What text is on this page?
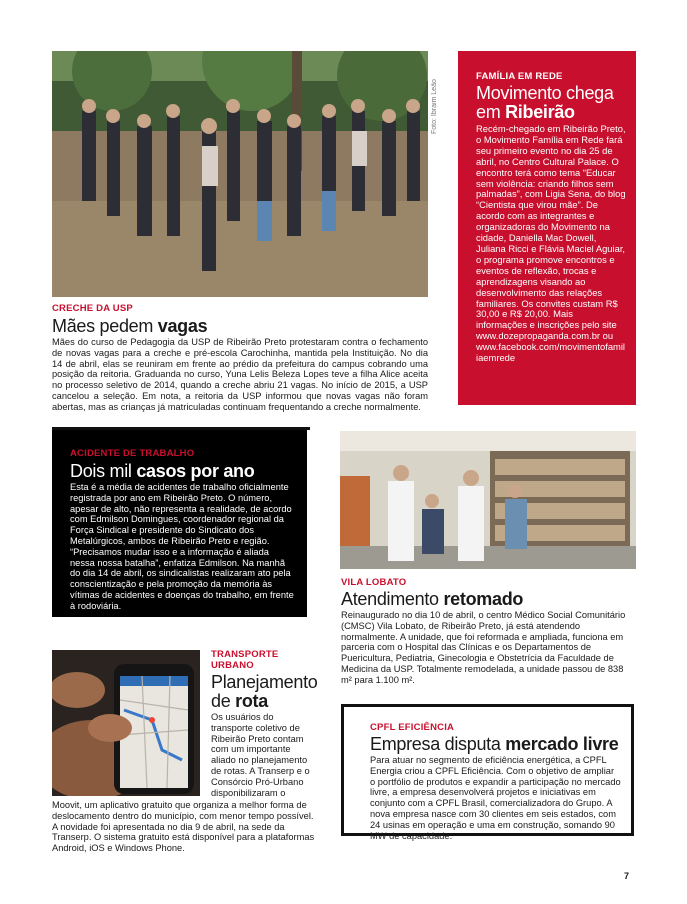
Foto: Ibraim Leão
CRECHE DA USP
Mães pedem vagas
Mães do curso de Pedagogia da USP de Ribeirão Preto protestaram contra o fechamento de novas vagas para a creche e pré-escola Carochinha, mantida pela Instituição. No dia 14 de abril, elas se reuniram em frente ao prédio da prefeitura do campus cobrando uma posição da reitoria. Graduanda no curso, Yuna Lelis Beleza Lopes teve a filha Alice aceita no processo seletivo de 2014, quando a creche abriu 21 vagas. No início de 2015, a USP cancelou a seleção. Em nota, a reitoria da USP informou que novas vagas não foram abertas, mas as crianças já matriculadas continuam frequentando a creche normalmente.
FAMÍLIA EM REDE
Movimento chega em Ribeirão
Recém-chegado em Ribeirão Preto, o Movimento Família em Rede fará seu primeiro evento no dia 25 de abril, no Centro Cultural Palace. O encontro terá como tema “Educar sem violência: criando filhos sem palmadas”, com Ligia Sena, do blog “Cientista que virou mãe”. De acordo com as integrantes e organizadoras do Movimento na cidade, Daniella Mac Dowell, Juliana Ricci e Flávia Maciel Aguiar, o programa promove encontros e eventos de reflexão, trocas e aprendizagens visando ao desenvolvimento das relações familiares. Os convites custam R$ 30,00 e R$ 20,00. Mais informações e inscrições pelo site www.dozepropaganda.com.br ou www.facebook.com/movimentofamiliaemrede
ACIDENTE DE TRABALHO
Dois mil casos por ano
Esta é a média de acidentes de trabalho oficialmente registrada por ano em Ribeirão Preto. O número, apesar de alto, não representa a realidade, de acordo com Edmilson Domingues, coordenador regional da Força Sindical e presidente do Sindicato dos Metalúrgicos, ambos de Ribeirão Preto e região. “Precisamos mudar isso e a informação é aliada nessa nossa batalha”, enfatiza Edmilson. Na manhã do dia 14 de abril, os sindicalistas realizaram ato pela conscientização e pela promoção da memória às vítimas de acidentes e doenças do trabalho, em frente à rodoviária.
VILA LOBATO
Atendimento retomado
Reinaugurado no dia 10 de abril, o centro Médico Social Comunitário (CMSC) Vila Lobato, de Ribeirão Preto, já está atendendo normalmente. A unidade, que foi reformada e ampliada, funciona em parceria com o Hospital das Clínicas e os Departamentos de Puericultura, Pediatria, Ginecologia e Obstetrícia da Faculdade de Medicina da USP. Totalmente remodelada, a unidade passou de 838 m² para 1.100 m².
TRANSPORTE
URBANO
Planejamento
de rota
Os usuários do transporte coletivo de Ribeirão Preto contam com um importante aliado no planejamento de rotas. A Transerp e o Consórcio Pró-Urbano disponibilizaram o
Moovit, um aplicativo gratuito que organiza a melhor forma de deslocamento dentro do município, com menor tempo possível. A novidade foi apresentada no dia 9 de abril, na sede da Transerp. O sistema gratuito está disponível para a plataformas Android, iOS e Windows Phone.
CPFL EFICIÊNCIA
Empresa disputa mercado livre
Para atuar no segmento de eficiência energética, a CPFL Energia criou a CPFL Eficiência. Com o objetivo de ampliar o portfólio de produtos e expandir a participação no mercado livre, a empresa desenvolverá projetos e iniciativas em conjunto com a CPFL Brasil, comercializadora do Grupo. A nova empresa nasce com 30 clientes em seis estados, com 24 usinas em operação e uma em construção, somando 90 MW de capacidade.
7
